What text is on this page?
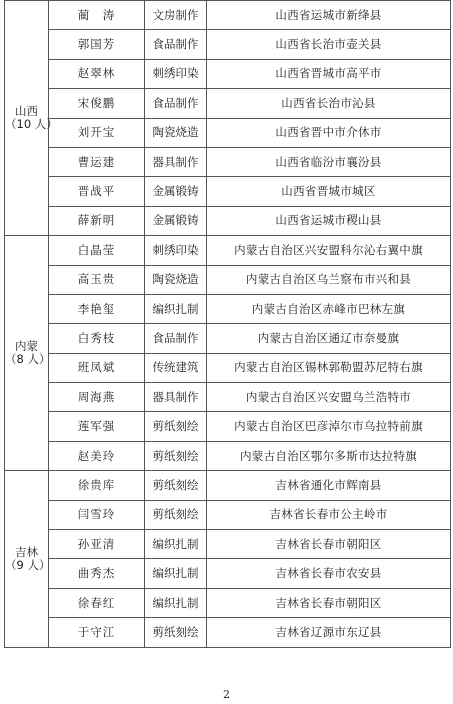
山西
（10 人）	蔺　涛	文房制作	山西省运城市新绛县
	郭国芳	食品制作	山西省长治市壶关县
	赵翠林	刺绣印染	山西省晋城市高平市
	宋俊鹏	食品制作	山西省长治市沁县
	刘开宝	陶瓷烧造	山西省晋中市介休市
	曹运建	器具制作	山西省临汾市襄汾县
	晋战平	金属锻铸	山西省晋城市城区
	薛新明	金属锻铸	山西省运城市稷山县

内蒙
（8 人）	白晶莹	刺绣印染	内蒙古自治区兴安盟科尔沁右翼中旗
	高玉贵	陶瓷烧造	内蒙古自治区乌兰察布市兴和县
	李艳玺	编织扎制	内蒙古自治区赤峰市巴林左旗
	白秀枝	食品制作	内蒙古自治区通辽市奈曼旗
	班凤斌	传统建筑	内蒙古自治区锡林郭勒盟苏尼特右旗
	周海燕	器具制作	内蒙古自治区兴安盟乌兰浩特市
	莲军强	剪纸刻绘	内蒙古自治区巴彦淖尔市乌拉特前旗
	赵美玲	剪纸刻绘	内蒙古自治区鄂尔多斯市达拉特旗

吉林
（9 人）	徐贵库	剪纸刻绘	吉林省通化市辉南县
	闫雪玲	剪纸刻绘	吉林省长春市公主岭市
	孙亚清	编织扎制	吉林省长春市朝阳区
	曲秀杰	编织扎制	吉林省长春市农安县
	徐春红	编织扎制	吉林省长春市朝阳区
	于守江	剪纸刻绘	吉林省辽源市东辽县
2
